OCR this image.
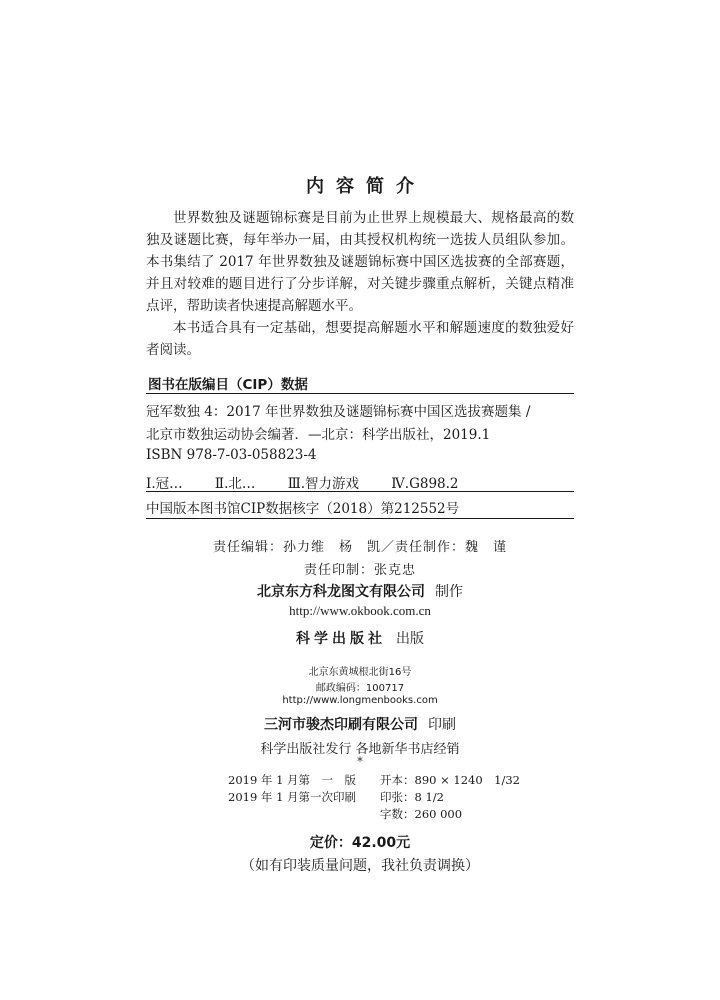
内容简介

世界数独及谜题锦标赛是目前为止世界上规模最大、规格最高的数独及谜题比赛，每年举办一届，由其授权机构统一选拔人员组队参加。本书集结了 2017 年世界数独及谜题锦标赛中国区选拔赛的全部赛题，并且对较难的题目进行了分步详解，对关键步骤重点解析，关键点精准点评，帮助读者快速提高解题水平。

本书适合具有一定基础，想要提高解题水平和解题速度的数独爱好者阅读。

图书在版编目（CIP）数据
冠军数独 4：2017 年世界数独及谜题锦标赛中国区选拔赛题集 /
北京市数独运动协会编著．—北京：科学出版社，2019.1
ISBN 978-7-03-058823-4
Ⅰ.冠… Ⅱ.北… Ⅲ.智力游戏 Ⅳ.G898.2
中国版本图书馆CIP数据核字（2018）第212552号
责任编辑：孙力维　杨　凯／责任制作：魏　谨
责任印制：张克忠
北京东方科龙图文有限公司 制作
http://www.okbook.com.cn
科学出版社 出版
北京东黄城根北街16号
邮政编码：100717
http://www.longmenbooks.com
三河市骏杰印刷有限公司 印刷
科学出版社发行 各地新华书店经销
*
2019 年 1 月第　一　版	开本：890 × 1240　1/32
2019 年 1 月第一次印刷	印张：8 1/2
字数：260 000
定价：42.00元
（如有印装质量问题，我社负责调换）
